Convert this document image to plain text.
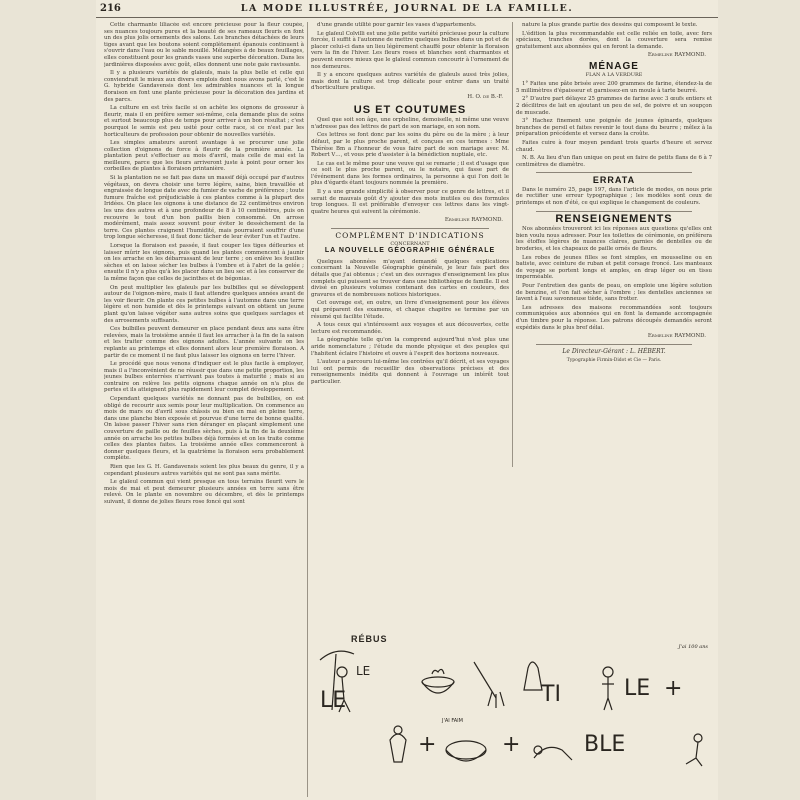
216	LA MODE ILLUSTRÉE, JOURNAL DE LA FAMILLE.

Cette charmante liliacée est encore précieuse pour la fleur coupée, ses nuances toujours pures et la beauté de ses rameaux fleuris en font un des plus jolis ornements des salons. Les branches détachées de leurs tiges avant que les boutons soient complètement épanouis continuent à s'ouvrir dans l'eau ou le sable mouillé. Mélangées à de beaux feuillages, elles constituent pour les grands vases une superbe décoration. Dans les jardinières disposées avec goût, elles donnent une note gaie ravissante.

Il y a plusieurs variétés de glaïeuls, mais la plus belle et celle qui conviendrait le mieux aux divers emplois dont nous avons parlé, c'est le G. hybride Gandavensis dont les admirables nuances et la longue floraison en font une plante précieuse pour la décoration des jardins et des parcs.

La culture en est très facile si on achète les oignons de grosseur à fleurir, mais il en préfère semer soi-même, cela demande plus de soins et surtout beaucoup plus de temps pour arriver à un bon résultat ; c'est pourquoi le semis est peu usité pour cette race, si ce n'est par les horticulteurs de profession pour obtenir de nouvelles variétés.

Les simples amateurs auront avantage à se procurer une jolie collection d'oignons de force à fleurir de la première année. La plantation peut s'effectuer au mois d'avril, mais celle de mai est la meilleure, parce que les fleurs arriveront juste à point pour orner les corbeilles de plantes à floraison printanière.

Si la plantation ne se fait pas dans un massif déjà occupé par d'autres végétaux, on devra choisir une terre légère, saine, bien travaillée et engraissée de longue date avec du fumier de vache de préférence ; toute fumure fraîche est préjudiciable à ces plantes comme à la plupart des Iridées. On place les oignons à une distance de 22 centimètres environ les uns des autres et à une profondeur de 8 à 10 centimètres, puis on recouvre le tout d'un bon paillis bien consommé. On arrose modérément, mais assez souvent pour éviter le dessèchement de la terre. Ces plantes craignent l'humidité, mais pourraient souffrir d'une trop longue sécheresse, il faut donc tâcher de leur éviter l'un et l'autre.

Lorsque la floraison est passée, il faut couper les tiges défleuries et laisser mûrir les oignons, puis quand les plantes commencent à jaunir on les arrache en les débarrassant de leur terre ; on enlève les feuilles sèches et on laisse sécher les bulbes à l'ombre et à l'abri de la gelée ; ensuite il n'y a plus qu'à les placer dans un lieu sec et à les conserver de la même façon que celles de jacinthes et de bégonias.

On peut multiplier les glaïeuls par les bulbilles qui se développent autour de l'oignon-mère, mais il faut attendre quelques années avant de les voir fleurir. On plante ces petites bulbes à l'automne dans une terre légère et non humide et dès le printemps suivant on obtient un jeune plant qu'on laisse végéter sans autres soins que quelques sarclages et des arrosements suffisants.

Ces bulbilles peuvent demeurer en place pendant deux ans sans être relevées, mais la troisième année il faut les arracher à la fin de la saison et les traiter comme des oignons adultes. L'année suivante on les replante au printemps et elles donnent alors leur première floraison. A partir de ce moment il ne faut plus laisser les oignons en terre l'hiver.

Le procédé que nous venons d'indiquer est le plus facile à employer, mais il a l'inconvénient de ne réussir que dans une petite proportion, les jeunes bulbes enterrées n'arrivant pas toutes à maturité ; mais si au contraire on relève les petits oignons chaque année on n'a plus de pertes et ils atteignent plus rapidement leur complet développement.

Cependant quelques variétés ne donnant pas de bulbilles, on est obligé de recourir aux semis pour leur multiplication. On commence au mois de mars ou d'avril sous châssis ou bien en mai en pleine terre, dans une planche bien exposée et pourvue d'une terre de bonne qualité. On laisse passer l'hiver sans rien déranger en plaçant simplement une couverture de paille ou de feuilles sèches, puis à la fin de la deuxième année on arrache les petites bulbes déjà formées et on les traite comme celles des plantes faites. La troisième année elles commenceront à donner quelques fleurs, et la quatrième la floraison sera probablement complète.

Rien que les G. H. Gandavensis soient les plus beaux du genre, il y a cependant plusieurs autres variétés qui ne sont pas sans mérite.

Le glaïeul commun qui vient presque en tous terrains fleurit vers le mois de mai et peut demeurer plusieurs années en terre sans être relevé. On le plante en novembre ou décembre, et dès le printemps suivant, il donne de jolies fleurs rose foncé qui sont

d'une grande utilité pour garnir les vases d'appartements.

Le glaïeul Colvilli est une jolie petite variété précieuse pour la culture forcée, il suffit à l'automne de mettre quelques bulbes dans un pot et de placer celui-ci dans un lieu légèrement chauffé pour obtenir la floraison vers la fin de l'hiver. Les fleurs roses et blanches sont charmantes et peuvent encore mieux que le glaïeul commun concourir à l'ornement de nos demeures.

Il y a encore quelques autres variétés de glaïeuls aussi très jolies, mais dont la culture est trop délicate pour entrer dans un traité d'horticulture pratique.

H. O. de B.-F.
US ET COUTUMES

Quel que soit son âge, une orpheline, demoiselle, ni même une veuve n'adresse pas des lettres de part de son mariage, en son nom.

Ces lettres se font donc par les soins du père ou de la mère ; à leur défaut, par le plus proche parent, et conçues en ces termes : Mme Thérèse Bm a l'honneur de vous faire part de son mariage avec M. Robert V…, et vous prie d'assister à la bénédiction nuptiale, etc.

Le cas est le même pour une veuve qui se remarie ; il est d'usage que ce soit le plus proche parent, ou le notaire, qui fasse part de l'événement dans les formes ordinaires, la personne à qui l'on doit le plus d'égards étant toujours nommée la première.

Il y a une grande simplicité à observer pour ce genre de lettres, et il serait de mauvais goût d'y ajouter des mots inutiles ou des formules trop longues. Il est préférable d'envoyer ces lettres dans les vingt-quatre heures qui suivent la cérémonie.

Ermeline RAYMOND.
COMPLÉMENT D'INDICATIONS
CONCERNANT
LA NOUVELLE GÉOGRAPHIE GÉNÉRALE

Quelques abonnées m'ayant demandé quelques explications concernant la Nouvelle Géographie générale, je leur fais part des détails que j'ai obtenus ; c'est un des ouvrages d'enseignement les plus complets qui puissent se trouver dans une bibliothèque de famille. Il est divisé en plusieurs volumes contenant des cartes en couleurs, des gravures et de nombreuses notices historiques.

Cet ouvrage est, en outre, un livre d'enseignement pour les élèves qui préparent des examens, et chaque chapitre se termine par un résumé qui facilite l'étude.

A tous ceux qui s'intéressent aux voyages et aux découvertes, cette lecture est recommandée.

La géographie telle qu'on la comprend aujourd'hui n'est plus une aride nomenclature ; l'étude du monde physique et des peuples qui l'habitent éclaire l'histoire et ouvre à l'esprit des horizons nouveaux.

L'auteur a parcouru lui-même les contrées qu'il décrit, et ses voyages lui ont permis de recueillir des observations précises et des renseignements inédits qui donnent à l'ouvrage un intérêt tout particulier.

nature la plus grande partie des dessins qui composent le texte.

L'édition la plus recommandable est celle reliée en toile, avec fers spéciaux, tranches dorées, dont la couverture sera remise gratuitement aux abonnées qui en feront la demande.

Ermeline RAYMOND.
MÉNAGE
FLAN A LA VERDURE

1° Faites une pâte brisée avec 200 grammes de farine, étendez-la de 5 millimètres d'épaisseur et garnissez-en un moule à tarte beurré.

2° D'autre part délayez 25 grammes de farine avec 3 œufs entiers et 2 décilitres de lait en ajoutant un peu de sel, de poivre et un soupçon de muscade.

3° Hachez finement une poignée de jeunes épinards, quelques branches de persil et faites revenir le tout dans du beurre ; mêlez à la préparation précédente et versez dans la croûte.

Faites cuire à four moyen pendant trois quarts d'heure et servez chaud.

N. B. Au lieu d'un flan unique on peut en faire de petits flans de 6 à 7 centimètres de diamètre.

ERRATA

Dans le numéro 25, page 197, dans l'article de modes, on nous prie de rectifier une erreur typographique ; les modèles sont ceux de printemps et non d'été, ce qui explique le changement de couleurs.

RENSEIGNEMENTS

Nos abonnées trouveront ici les réponses aux questions qu'elles ont bien voulu nous adresser. Pour les toilettes de cérémonie, on préférera les étoffes légères de nuances claires, garnies de dentelles ou de broderies, et les chapeaux de paille ornés de fleurs.

Les robes de jeunes filles se font simples, en mousseline ou en batiste, avec ceinture de ruban et petit corsage froncé. Les manteaux de voyage se portent longs et amples, en drap léger ou en tissu imperméable.

Pour l'entretien des gants de peau, on emploie une légère solution de benzine, et l'on fait sécher à l'ombre ; les dentelles anciennes se lavent à l'eau savonneuse tiède, sans frotter.

Les adresses des maisons recommandées sont toujours communiquées aux abonnées qui en font la demande accompagnée d'un timbre pour la réponse. Les patrons découpés demandés seront expédiés dans le plus bref délai.

Ermeline RAYMOND.
Le Directeur-Gérant : L. HÉBERT.
Typographie Firmin-Didot et Cie — Paris.
RÉBUS
J'ai 100 ans
LE
LE
TI	LE +
+	+	BLE
J'AI FAIM
